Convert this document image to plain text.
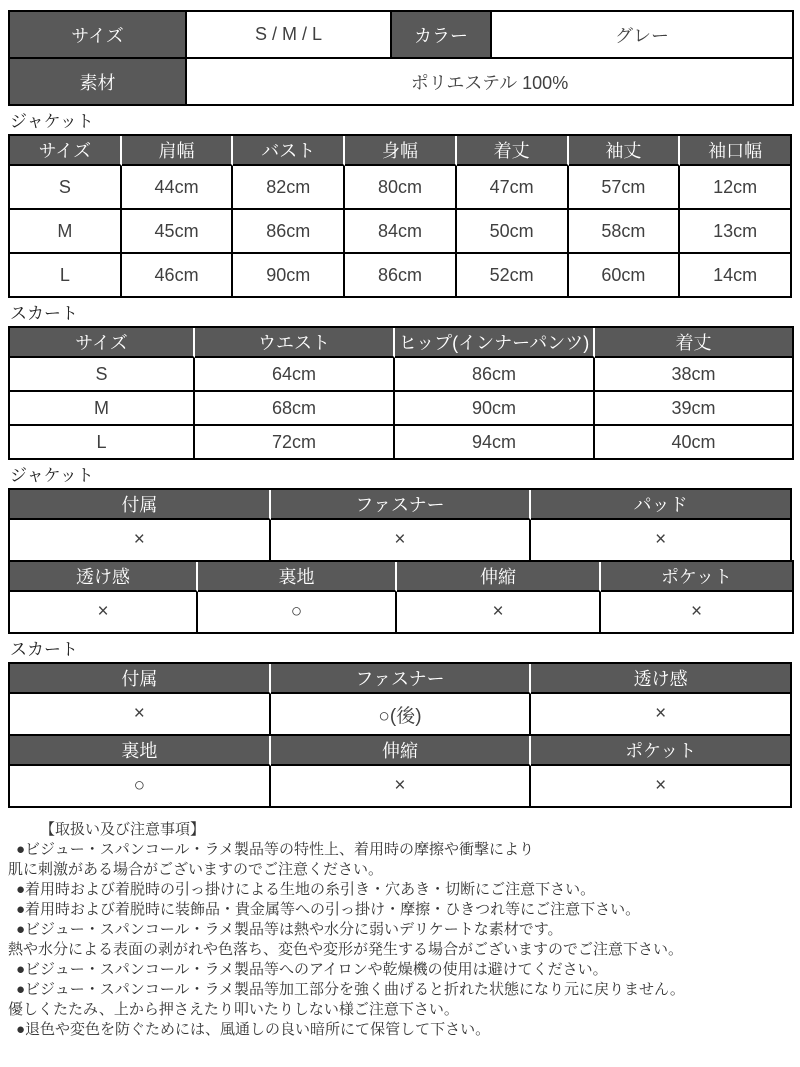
サイズ	S / M / L	カラー	グレー
素材	ポリエステル 100%		
ジャケット
サイズ	肩幅	バスト	身幅	着丈	袖丈	袖口幅
S	44cm	82cm	80cm	47cm	57cm	12cm
M	45cm	86cm	84cm	50cm	58cm	13cm
L	46cm	90cm	86cm	52cm	60cm	14cm
スカート
サイズ	ウエスト	ヒップ(インナーパンツ)	着丈
S	64cm	86cm	38cm
M	68cm	90cm	39cm
L	72cm	94cm	40cm
ジャケット
付属	ファスナー	パッド
×	×	×
透け感	裏地	伸縮	ポケット
×	○	×	×
スカート
付属	ファスナー	透け感
×	○(後)	×
裏地	伸縮	ポケット
○	×	×
【取扱い及び注意事項】
●ビジュー・スパンコール・ラメ製品等の特性上、着用時の摩擦や衝撃により
肌に刺激がある場合がございますのでご注意ください。
●着用時および着脱時の引っ掛けによる生地の糸引き・穴あき・切断にご注意下さい。
●着用時および着脱時に装飾品・貴金属等への引っ掛け・摩擦・ひきつれ等にご注意下さい。
●ビジュー・スパンコール・ラメ製品等は熱や水分に弱いデリケートな素材です。
熱や水分による表面の剥がれや色落ち、変色や変形が発生する場合がございますのでご注意下さい。
●ビジュー・スパンコール・ラメ製品等へのアイロンや乾燥機の使用は避けてください。
●ビジュー・スパンコール・ラメ製品等加工部分を強く曲げると折れた状態になり元に戻りません。
優しくたたみ、上から押さえたり叩いたりしない様ご注意下さい。
●退色や変色を防ぐためには、風通しの良い暗所にて保管して下さい。
